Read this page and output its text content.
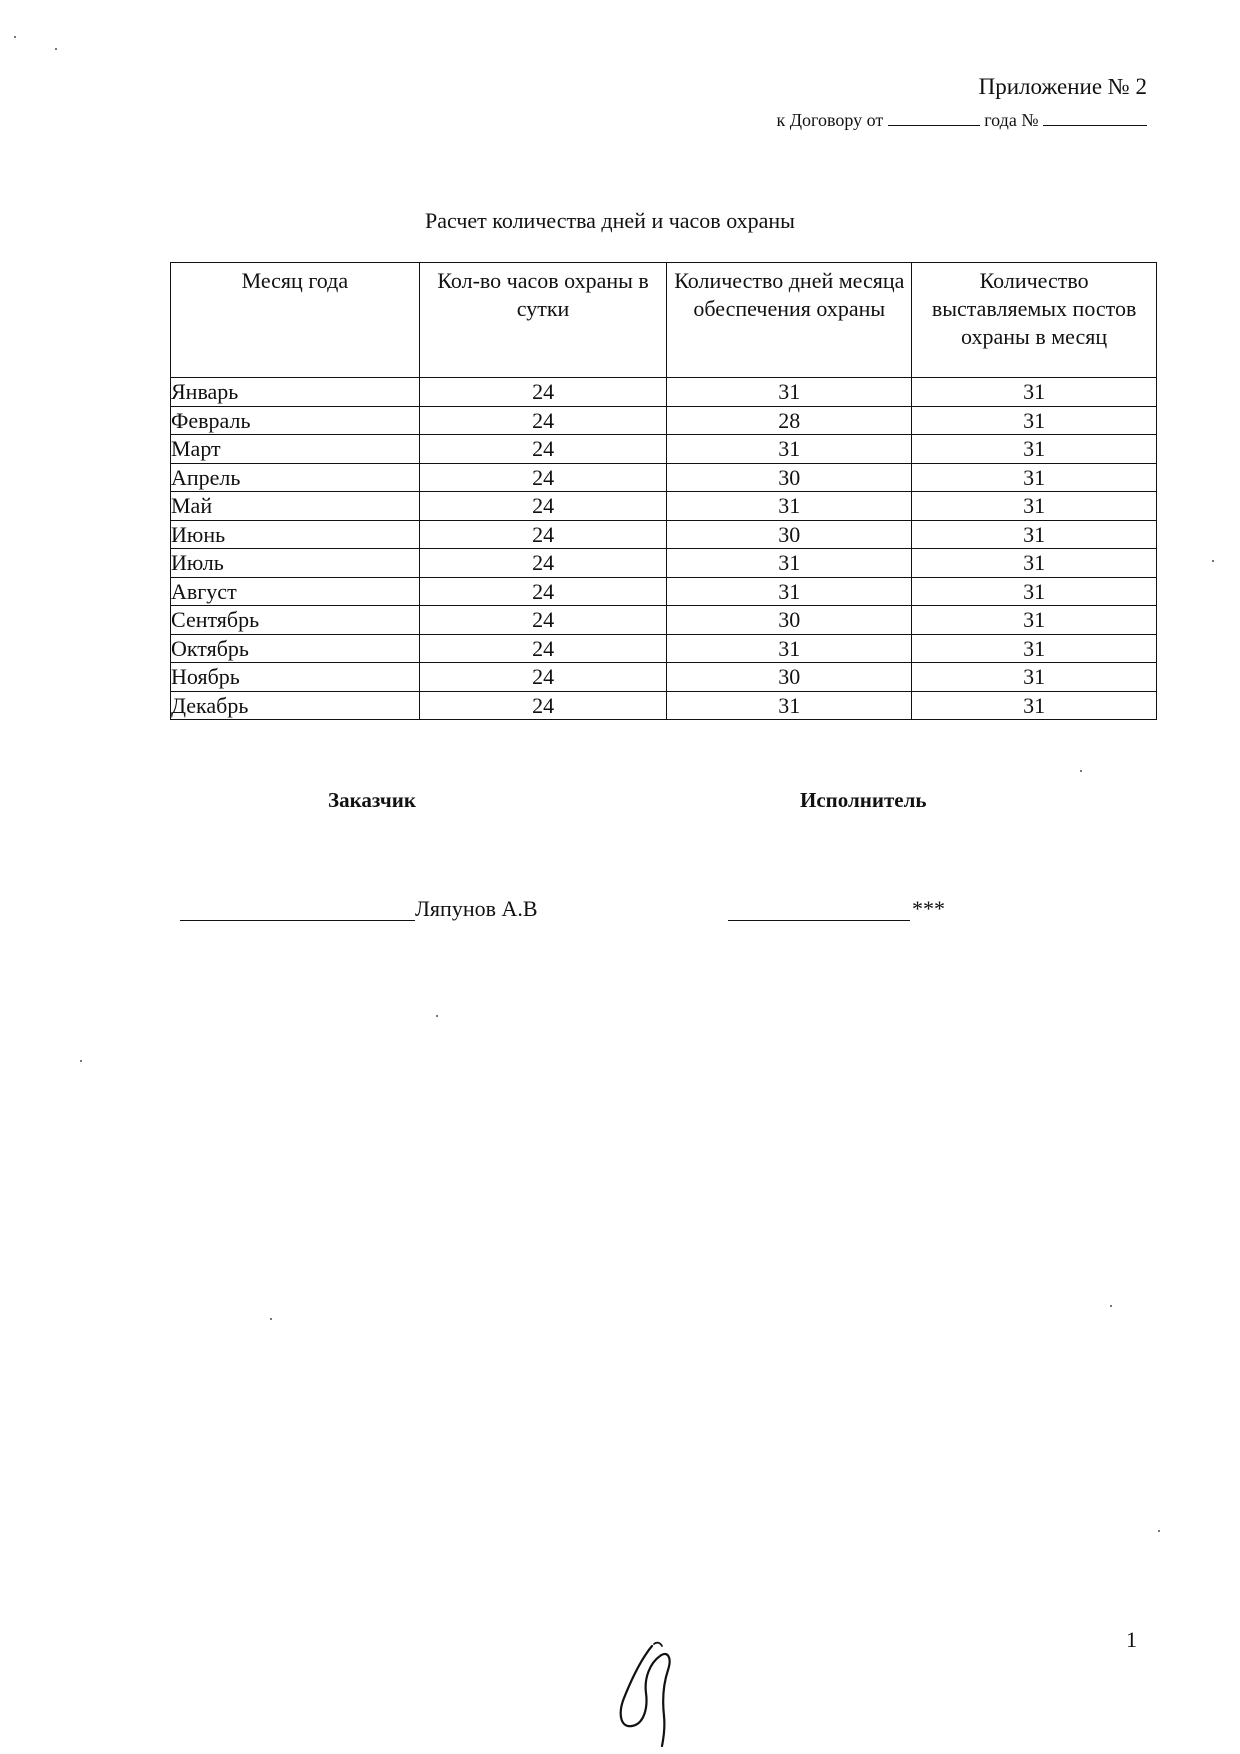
Приложение № 2
к Договору от	года №
Расчет количества дней и часов охраны
Месяц года	Кол-во часов охраны в сутки	Количество дней месяца обеспечения охраны	Количество выставляемых постов охраны в месяц
Январь	24	31	31
Февраль	24	28	31
Март	24	31	31
Апрель	24	30	31
Май	24	31	31
Июнь	24	30	31
Июль	24	31	31
Август	24	31	31
Сентябрь	24	30	31
Октябрь	24	31	31
Ноябрь	24	30	31
Декабрь	24	31	31
Заказчик	Исполнитель
Ляпунов А.В	***
1
